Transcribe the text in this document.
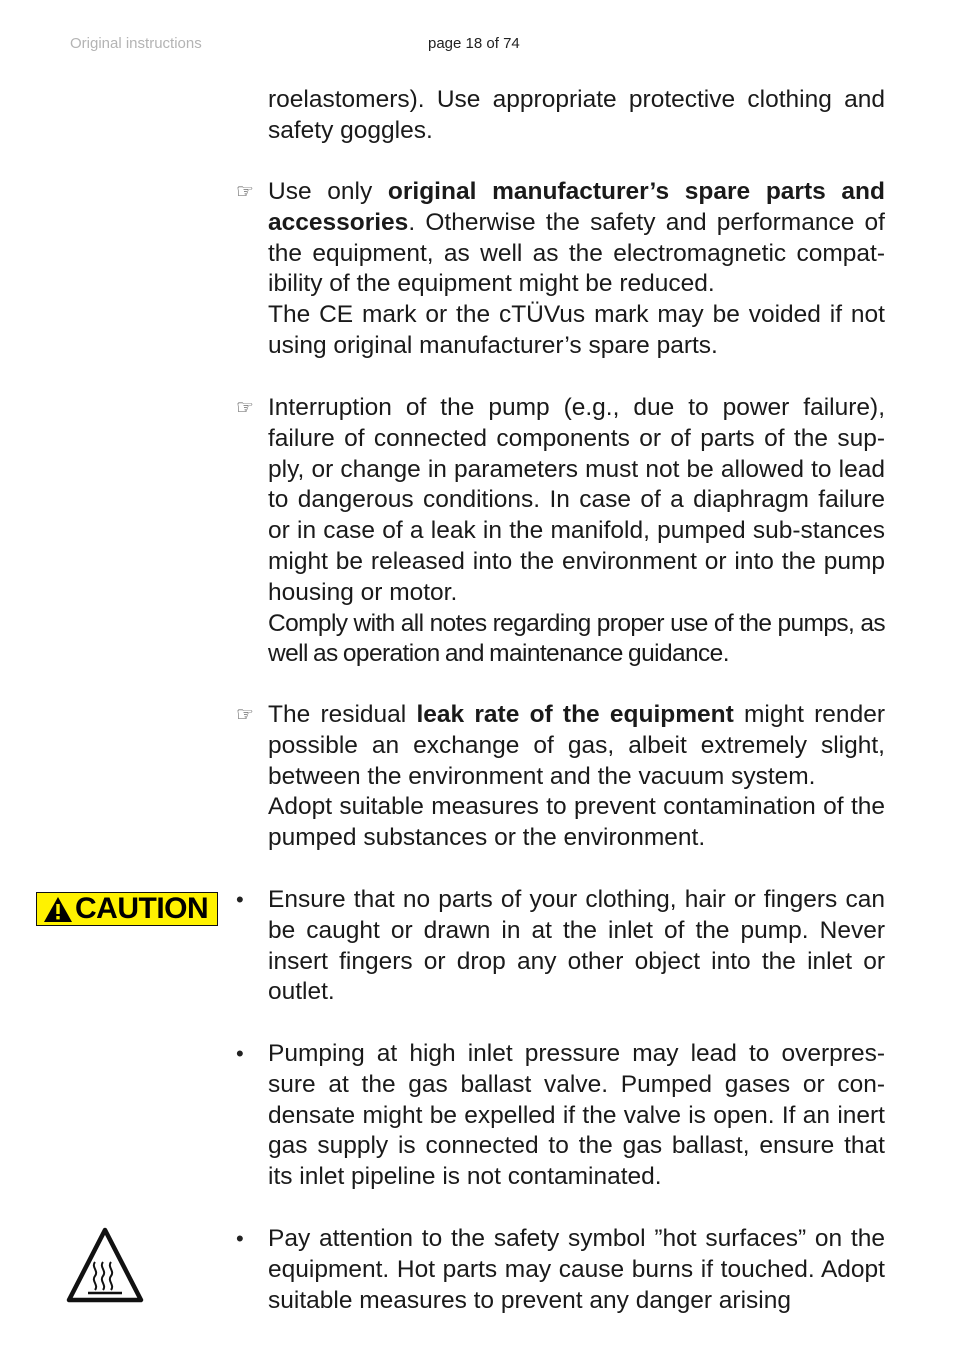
Original instructions	page 18 of 74

roelastomers). Use appropriate protective clothing and safety goggles.

☞ Use only original manufacturer’s spare parts and accessories. Otherwise the safety and performance of the equipment, as well as the electromagnetic compat-ibility of the equipment might be reduced.

The CE mark or the cTÜVus mark may be voided if not using original manufacturer’s spare parts.

☞ Interruption of the pump (e.g., due to power failure), failure of connected components or of parts of the sup-ply, or change in parameters must not be allowed to lead to dangerous conditions. In case of a diaphragm failure or in case of a leak in the manifold, pumped sub-stances might be released into the environment or into the pump housing or motor.

Comply with all notes regarding proper use of the pumps, as well as operation and maintenance guidance.

☞ The residual leak rate of the equipment might render possible an exchange of gas, albeit extremely slight, between the environment and the vacuum system.

Adopt suitable measures to prevent contamination of the pumped substances or the environment.

CAUTION • Ensure that no parts of your clothing, hair or fingers can be caught or drawn in at the inlet of the pump. Never insert fingers or drop any other object into the inlet or outlet.

• Pumping at high inlet pressure may lead to overpres-sure at the gas ballast valve. Pumped gases or con-densate might be expelled if the valve is open. If an inert gas supply is connected to the gas ballast, ensure that its inlet pipeline is not contaminated.

• Pay attention to the safety symbol ”hot surfaces” on the equipment. Hot parts may cause burns if touched. Adopt suitable measures to prevent any danger arising
